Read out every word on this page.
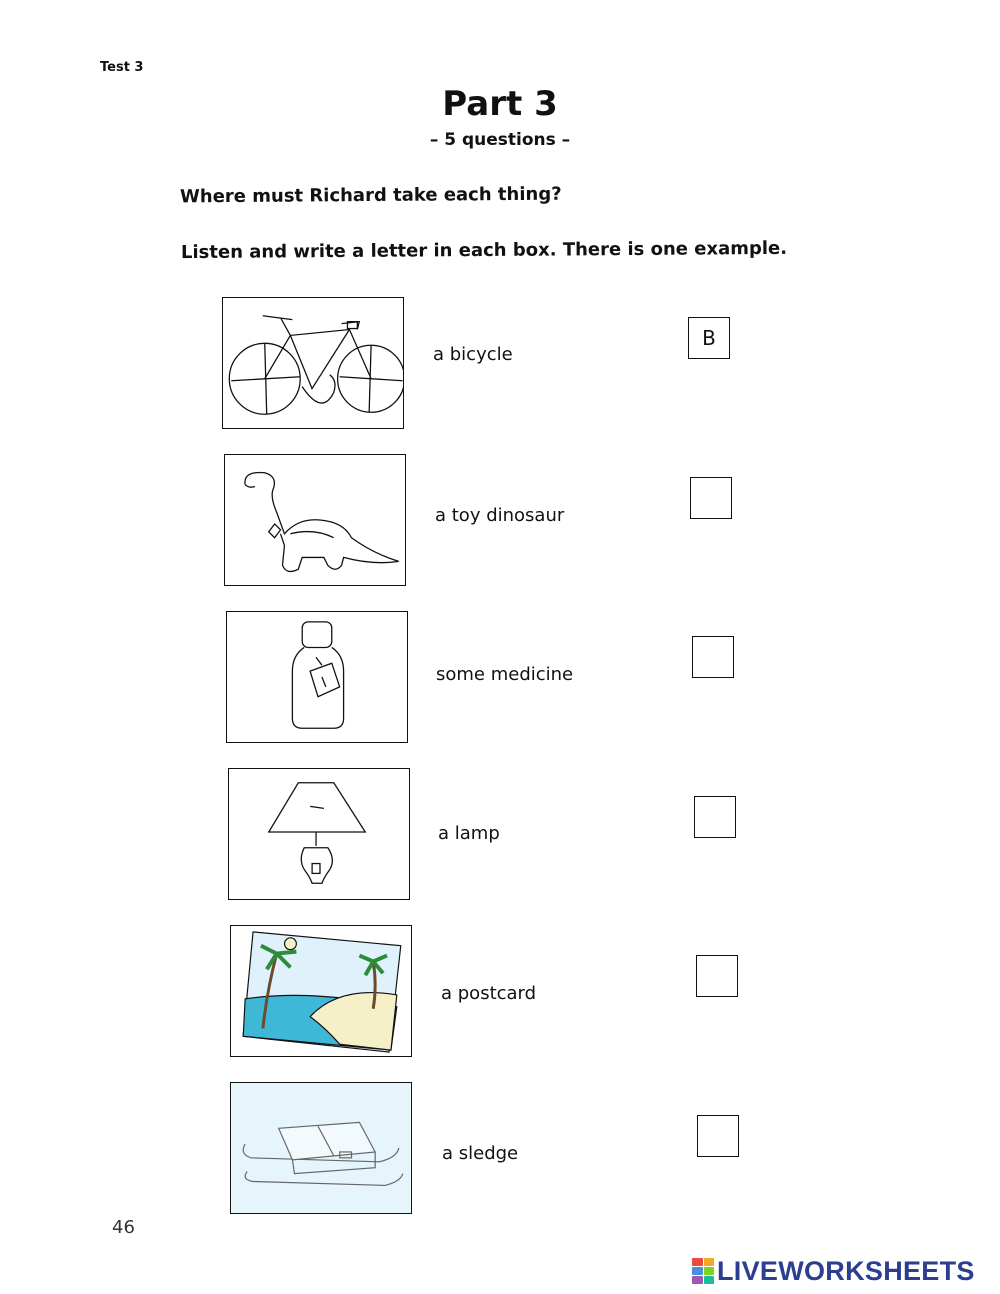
Test 3
Part 3
– 5 questions –
Where must Richard take each thing?
Listen and write a letter in each box. There is one example.
a bicycle
B
a toy dinosaur
some medicine
a lamp
a postcard
a sledge
46
LIVEWORKSHEETS
